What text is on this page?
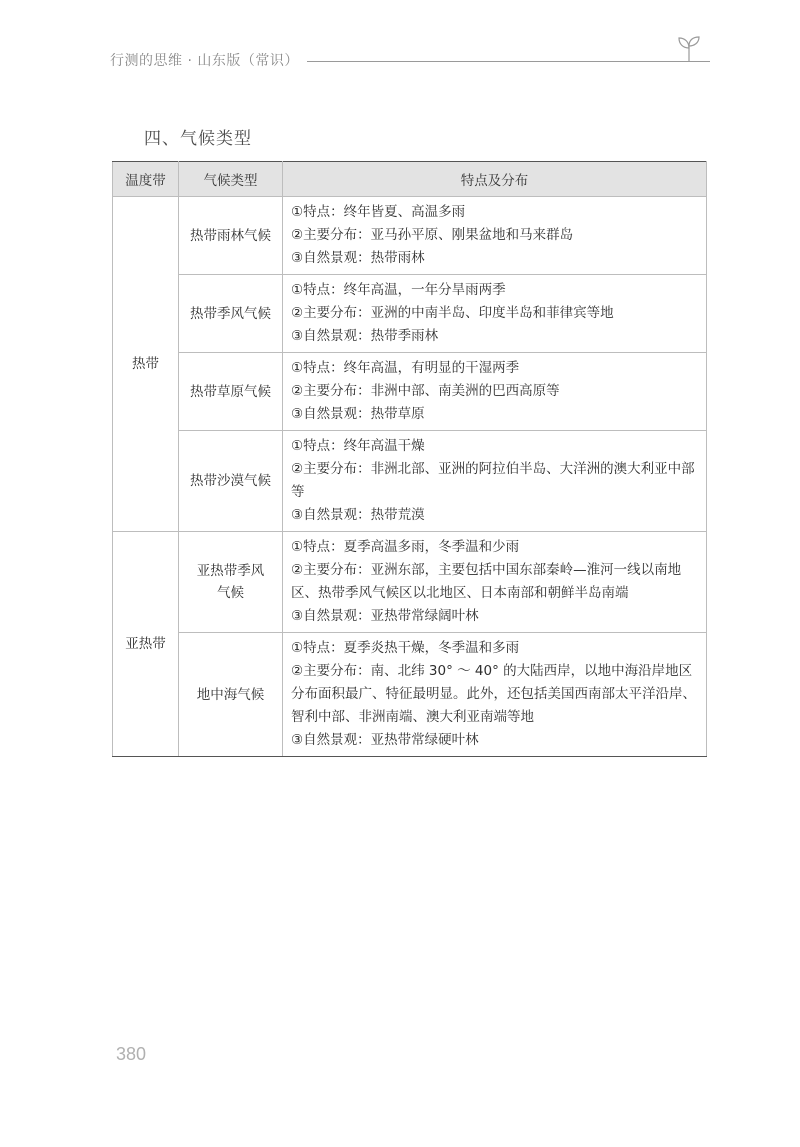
行测的思维 · 山东版（常识）
四、气候类型
温度带	气候类型	特点及分布
热带	热带雨林气候	①特点：终年皆夏、高温多雨
②主要分布：亚马孙平原、刚果盆地和马来群岛
③自然景观：热带雨林

	热带季风气候	①特点：终年高温，一年分旱雨两季
②主要分布：亚洲的中南半岛、印度半岛和菲律宾等地
③自然景观：热带季雨林

	热带草原气候	①特点：终年高温，有明显的干湿两季
②主要分布：非洲中部、南美洲的巴西高原等
③自然景观：热带草原

	热带沙漠气候	①特点：终年高温干燥
②主要分布：非洲北部、亚洲的阿拉伯半岛、大洋洲的澳大利亚中部等
③自然景观：热带荒漠

亚热带	亚热带季风气候	①特点：夏季高温多雨，冬季温和少雨
②主要分布：亚洲东部，主要包括中国东部秦岭—淮河一线以南地区、热带季风气候区以北地区、日本南部和朝鲜半岛南端
③自然景观：亚热带常绿阔叶林

	地中海气候	①特点：夏季炎热干燥，冬季温和多雨
②主要分布：南、北纬 30° ～ 40° 的大陆西岸，以地中海沿岸地区分布面积最广、特征最明显。此外，还包括美国西南部太平洋沿岸、智利中部、非洲南端、澳大利亚南端等地
③自然景观：亚热带常绿硬叶林
380
